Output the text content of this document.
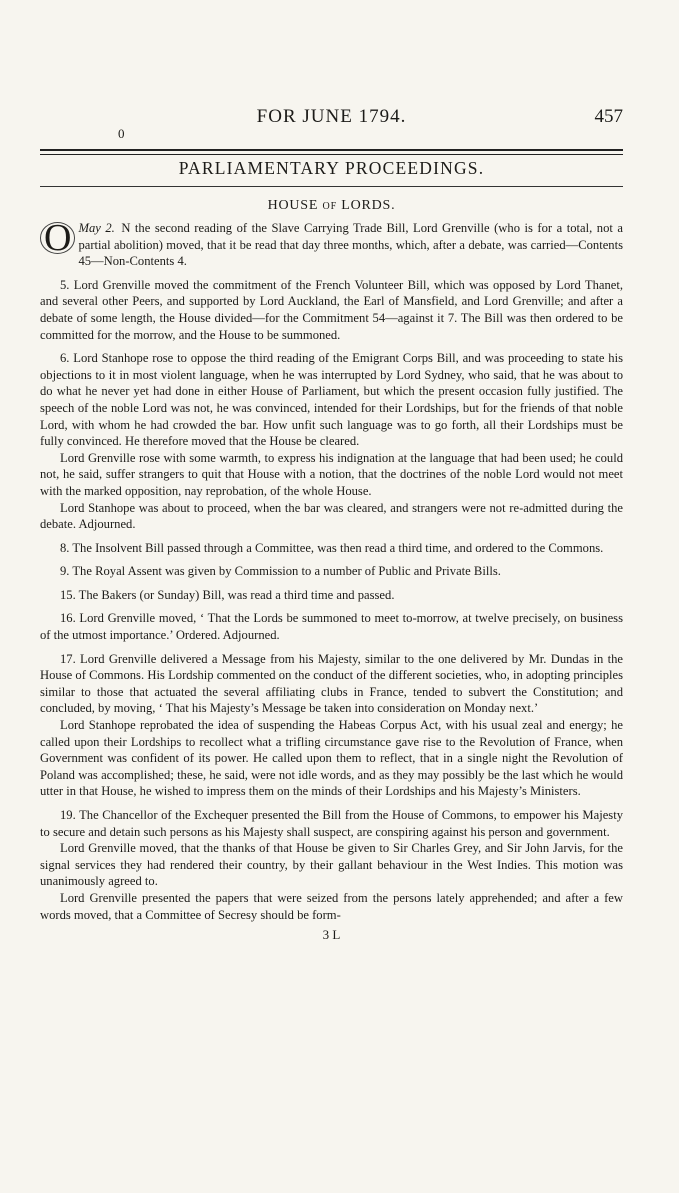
FOR JUNE 1794.	457
0
PARLIAMENTARY PROCEEDINGS.
HOUSE OF LORDS.

May 2.
O	N the second reading of the Slave Carrying Trade Bill, Lord Grenville (who is for a total, not a partial abolition) moved, that it be read that day three months, which, after a debate, was carried—Contents 45—Non-Contents 4.

5. Lord Grenville moved the commitment of the French Volunteer Bill, which was opposed by Lord Thanet, and several other Peers, and supported by Lord Auckland, the Earl of Mansfield, and Lord Grenville; and after a debate of some length, the House divided—for the Commitment 54—against it 7. The Bill was then ordered to be committed for the morrow, and the House to be summoned.

6. Lord Stanhope rose to oppose the third reading of the Emigrant Corps Bill, and was proceeding to state his objections to it in most violent language, when he was interrupted by Lord Sydney, who said, that he was about to do what he never yet had done in either House of Parliament, but which the present occasion fully justified. The speech of the noble Lord was not, he was convinced, intended for their Lordships, but for the friends of that noble Lord, with whom he had crowded the bar. How unfit such language was to go forth, all their Lordships must be fully convinced. He therefore moved that the House be cleared.

Lord Grenville rose with some warmth, to express his indignation at the language that had been used; he could not, he said, suffer strangers to quit that House with a notion, that the doctrines of the noble Lord would not meet with the marked opposition, nay reprobation, of the whole House.

Lord Stanhope was about to proceed, when the bar was cleared, and strangers were not re-admitted during the debate. Adjourned.

8. The Insolvent Bill passed through a Committee, was then read a third time, and ordered to the Commons.

9. The Royal Assent was given by Commission to a number of Public and Private Bills.

15. The Bakers (or Sunday) Bill, was read a third time and passed.

16. Lord Grenville moved, ‘ That the Lords be summoned to meet to-morrow, at twelve precisely, on business of the utmost importance.’ Ordered. Adjourned.

17. Lord Grenville delivered a Message from his Majesty, similar to the one delivered by Mr. Dundas in the House of Commons. His Lordship commented on the conduct of the different societies, who, in adopting principles similar to those that actuated the several affiliating clubs in France, tended to subvert the Constitution; and concluded, by moving, ‘ That his Majesty’s Message be taken into consideration on Monday next.’

Lord Stanhope reprobated the idea of suspending the Habeas Corpus Act, with his usual zeal and energy; he called upon their Lordships to recollect what a trifling circumstance gave rise to the Revolution of France, when Government was confident of its power. He called upon them to reflect, that in a single night the Revolution of Poland was accomplished; these, he said, were not idle words, and as they may possibly be the last which he would utter in that House, he wished to impress them on the minds of their Lordships and his Majesty’s Ministers.

19. The Chancellor of the Exchequer presented the Bill from the House of Commons, to empower his Majesty to secure and detain such persons as his Majesty shall suspect, are conspiring against his person and government.

Lord Grenville moved, that the thanks of that House be given to Sir Charles Grey, and Sir John Jarvis, for the signal services they had rendered their country, by their gallant behaviour in the West Indies. This motion was unanimously agreed to.

Lord Grenville presented the papers that were seized from the persons lately apprehended; and after a few words moved, that a Committee of Secresy should be form-

3 L
